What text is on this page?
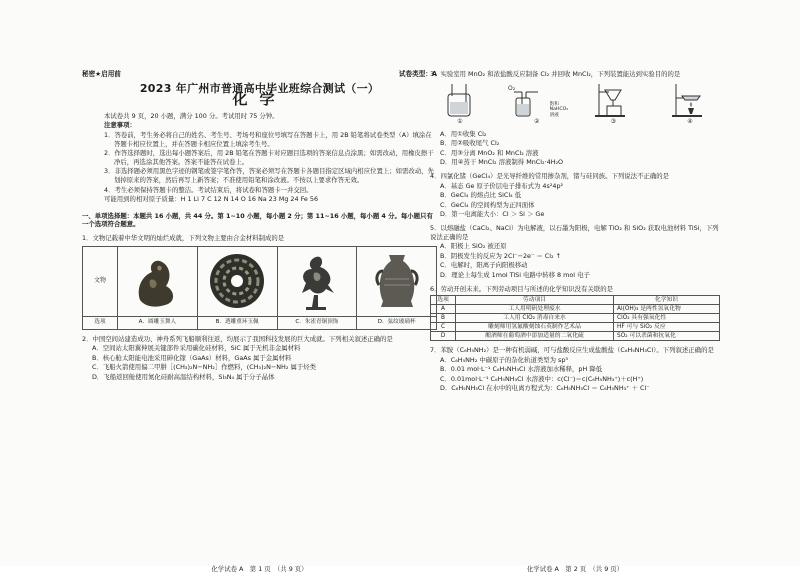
秘密★启用前	试卷类型：A
2023 年广州市普通高中毕业班综合测试（一）
化学
本试卷共 9 页，20 小题，满分 100 分。考试用时 75 分钟。
注意事项：
1．答卷前，考生务必将自己的姓名、考生号、考场号和座位号填写在答题卡上，用 2B 铅笔将试卷类型（A）填涂在答题卡相应位置上，并在答题卡相应位置上填涂考生号。
2．作答选择题时，选出每小题答案后，用 2B 铅笔在答题卡对应题目选项的答案信息点涂黑；如需改动，用橡皮擦干净后，再选涂其他答案。答案不能答在试卷上。
3．非选择题必须用黑色字迹的钢笔或签字笔作答，答案必须写在答题卡各题目指定区域内相应位置上；如需改动，先划掉原来的答案，然后再写上新答案；不准使用铅笔和涂改液。不按以上要求作答无效。
4．考生必须保持答题卡的整洁。考试结束后，将试卷和答题卡一并交回。
可能用到的相对原子质量：H 1 Li 7 C 12 N 14 O 16 Na 23 Mg 24 Fe 56
一、单项选择题：本题共 16 小题，共 44 分。第 1~10 小题，每小题 2 分；第 11~16 小题，每小题 4 分。每小题只有一个选项符合题意。
1．文物记载着中华文明的灿烂成就，下列文物主要由合金材料制成的是
文物
选项	A．圆雕玉舞人	B．透雕重环玉佩	C．朱雀青铜顶饰	D．弦纹玻璃杯
2．中国空间站建造成功、神舟系列飞船顺利往返，均展示了我国科技发展的巨大成就。下列相关叙述正确的是
A．空间站太阳翼伸展关键部件采用碳化硅材料，SiC 属于无机非金属材料
B．核心舱太阳能电池采用砷化镓（GaAs）材料，GaAs 属于金属材料
C．飞船火箭使用偏二甲肼［(CH₃)₂N−NH₂］作燃料，(CH₃)₂N−NH₂ 属于烃类
D．飞船返回舱使用氮化硅耐高温结构材料，Si₃N₄ 属于分子晶体
化学试卷 A　第 1 页　（共 9 页）
3．实验室用 MnO₂ 和浓盐酸反应制备 Cl₂ 并回收 MnCl₂，下列装置能达到实验目的的是
①
O₂
饱和 NaHCO₃ 溶液
②	③	④
A．用①收集 Cl₂
B．用②吸收尾气 Cl₂
C．用③分离 MnO₂ 和 MnCl₂ 溶液
D．用④蒸干 MnCl₂ 溶液制得 MnCl₂·4H₂O
4．四氯化锗（GeCl₄）是光导纤维的常用掺杂剂，锗与硅同族。下列说法不正确的是
A．基态 Ge 原子价层电子排布式为 4s²4p²
B．GeCl₄ 的熔点比 SiCl₄ 低
C．GeCl₄ 的空间构型为正四面体
D．第一电离能大小：Cl ＞ Si ＞ Ge
5．以熔融盐（CaCl₂、NaCl）为电解液，以石墨为阳极，电解 TiO₂ 和 SiO₂ 获取电池材料 TiSi，下列说法正确的是
A．阳极上 SiO₂ 被还原
B．阴极发生的反应为 2Cl⁻−2e⁻ ＝ Cl₂ ↑
C．电解时，阳离子向阳极移动
D．理论上每生成 1mol TiSi 电路中转移 8 mol 电子
6．劳动开创未来。下列劳动项目与所述的化学知识没有关联的是
选项	劳动项目	化学知识
A	工人用明矾处理废水	Al(OH)₃ 是两性氢氧化物
B	工人用 ClO₂ 消毒自来水	ClO₂ 具有强氧化性
C	雕刻师用氢氟酸刻蚀石英制作艺术品	HF 可与 SiO₂ 反应
D	酿酒师在葡萄酒中添加适量的二氧化硫	SO₂ 可以杀菌和抗氧化
7．苯胺（C₆H₅NH₂）是一种有机弱碱，可与盐酸反应生成盐酸盐（C₆H₅NH₃Cl）。下列叙述正确的是
A．C₆H₅NH₂ 中碳原子的杂化轨道类型为 sp³
B．0.01 mol·L⁻¹ C₆H₅NH₃Cl 水溶液加水稀释，pH 降低
C．0.01mol·L⁻¹ C₆H₅NH₃Cl 水溶液中：c(Cl⁻)＝c(C₆H₅NH₃⁺)＋c(H⁺)
D．C₆H₅NH₃Cl 在水中的电离方程式为：C₆H₅NH₃Cl ＝ C₆H₅NH₃⁺ ＋ Cl⁻
化学试卷 A　第 2 页　（共 9 页）
